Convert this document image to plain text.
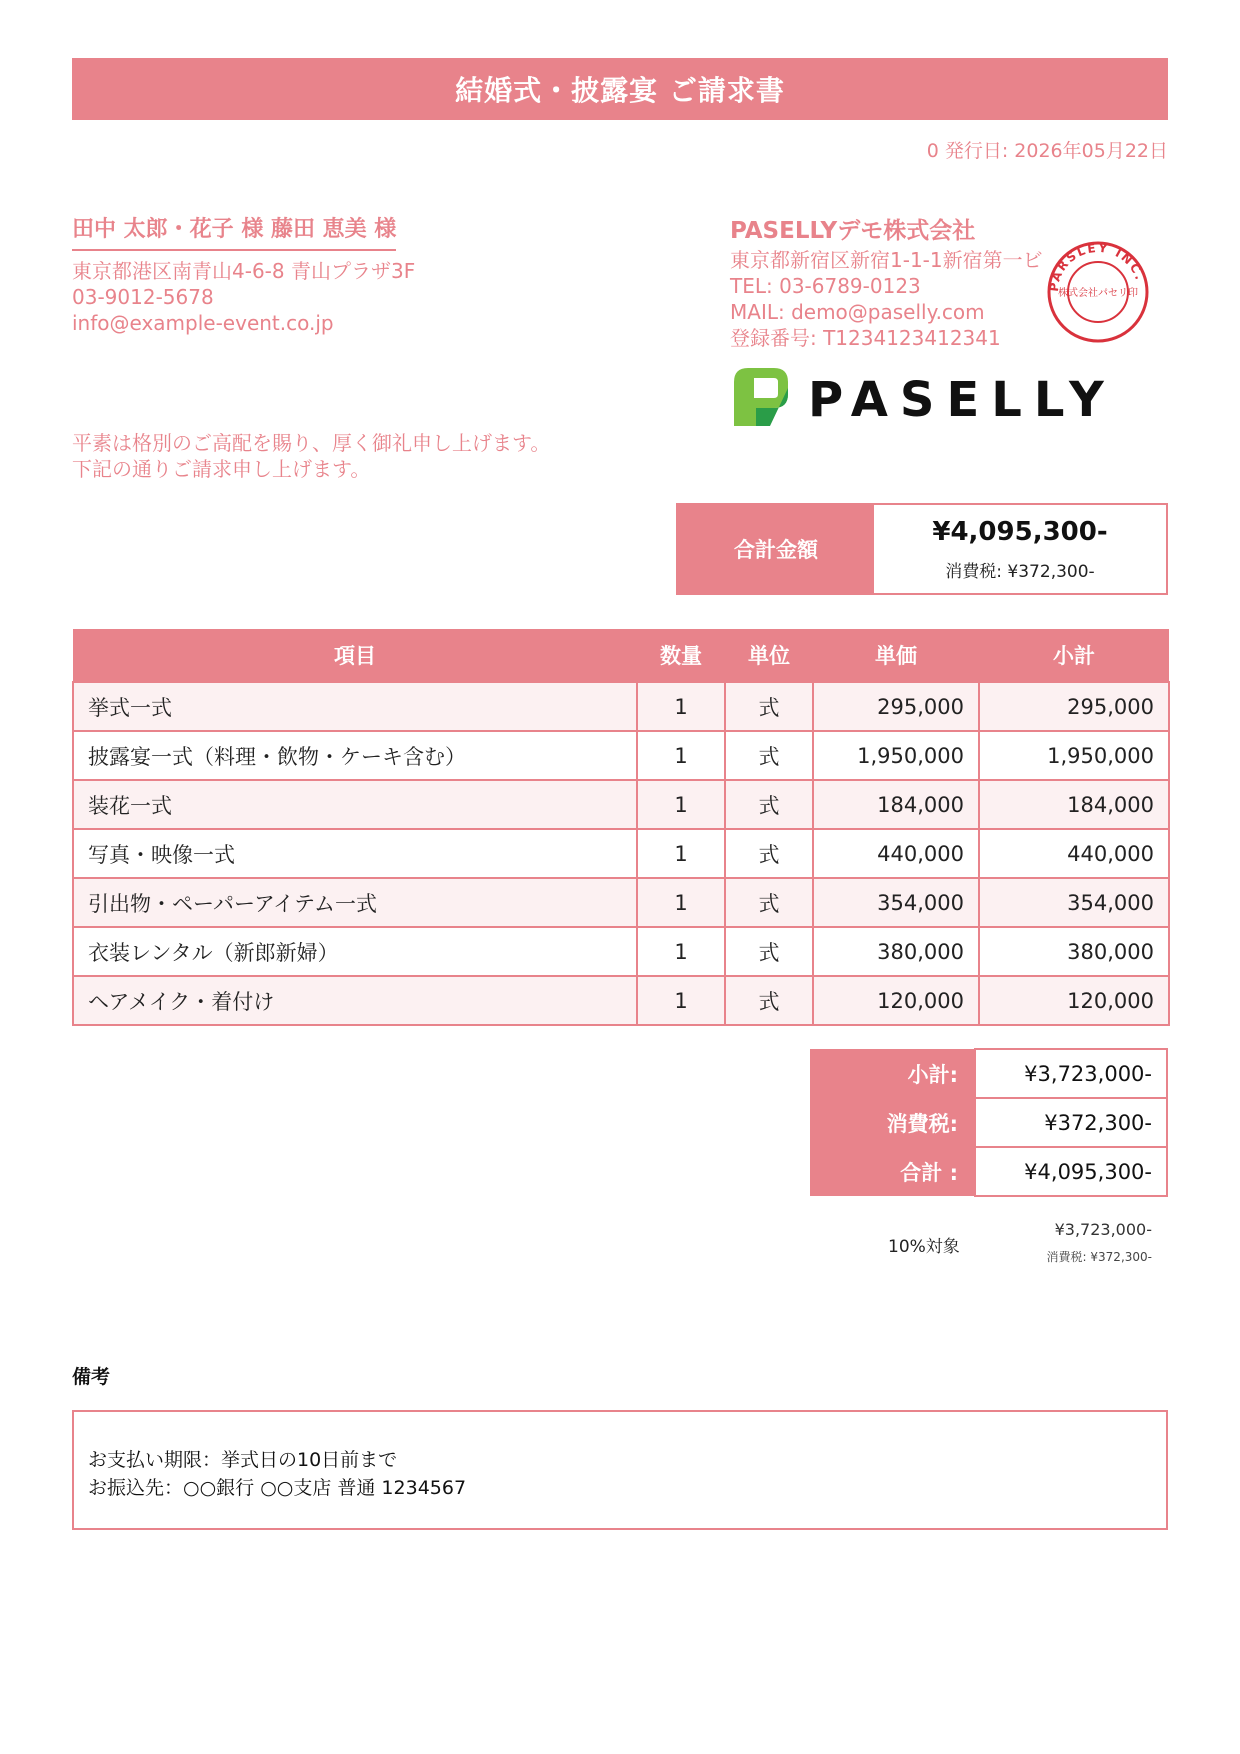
結婚式・披露宴 ご請求書
0 発行日: 2026年05月22日
田中 太郎・花子 様 藤田 恵美 様
東京都港区南青山4-6-8 青山プラザ3F
03-9012-5678
info@example-event.co.jp
PASELLYデモ株式会社
東京都新宿区新宿1-1-1新宿第一ビ
TEL: 03-6789-0123
MAIL: demo@paselly.com
登録番号: T1234123412341
PARSLEY INC.
株式会社パセリ印
PASELLY
平素は格別のご高配を賜り、厚く御礼申し上げます。
下記の通りご請求申し上げます。
合計金額
¥4,095,300-
消費税: ¥372,300-
項目	数量	単位	単価	小計
挙式一式	1	式	295,000	295,000
披露宴一式（料理・飲物・ケーキ含む）	1	式	1,950,000	1,950,000
装花一式	1	式	184,000	184,000
写真・映像一式	1	式	440,000	440,000
引出物・ペーパーアイテム一式	1	式	354,000	354,000
衣装レンタル（新郎新婦）	1	式	380,000	380,000
ヘアメイク・着付け	1	式	120,000	120,000
小計:	¥3,723,000-
消費税:	¥372,300-
合計 :	¥4,095,300-
10%対象
¥3,723,000-
消費税: ¥372,300-
備考
お支払い期限：挙式日の10日前まで
お振込先：○○銀行 ○○支店 普通 1234567
